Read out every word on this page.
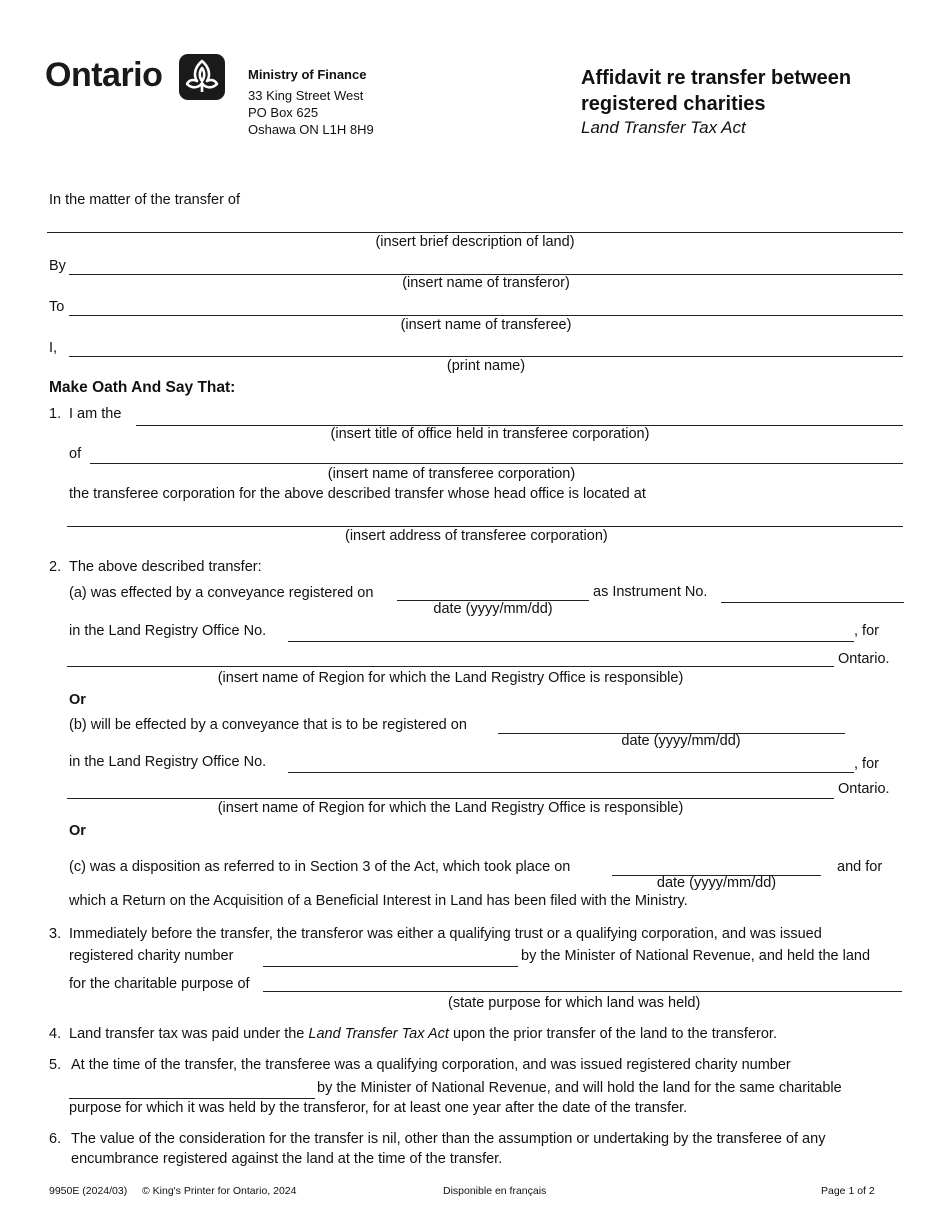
Ontario	Ministry of Finance
33 King Street West
PO Box 625
Oshawa ON L1H 8H9
Affidavit re transfer between
registered charities
Land Transfer Tax Act
In the matter of the transfer of
(insert brief description of land)
By
(insert name of transferor)
To
(insert name of transferee)
I,
(print name)
Make Oath And Say That:
1. I am the
(insert title of office held in transferee corporation)
of
(insert name of transferee corporation)
the transferee corporation for the above described transfer whose head office is located at
(insert address of transferee corporation)
2. The above described transfer:
(a) was effected by a conveyance registered on
date (yyyy/mm/dd)
as Instrument No.
in the Land Registry Office No.	, for
Ontario.
(insert name of Region for which the Land Registry Office is responsible)
Or
(b) will be effected by a conveyance that is to be registered on
date (yyyy/mm/dd)
in the Land Registry Office No.	, for
Ontario.
(insert name of Region for which the Land Registry Office is responsible)
Or
(c) was a disposition as referred to in Section 3 of the Act, which took place on
date (yyyy/mm/dd)
and for
which a Return on the Acquisition of a Beneficial Interest in Land has been filed with the Ministry.
3. Immediately before the transfer, the transferor was either a qualifying trust or a qualifying corporation, and was issued
registered charity number	by the Minister of National Revenue, and held the land
for the charitable purpose of
(state purpose for which land was held)
4. Land transfer tax was paid under the Land Transfer Tax Act upon the prior transfer of the land to the transferor.
5. At the time of the transfer, the transferee was a qualifying corporation, and was issued registered charity number
by the Minister of National Revenue, and will hold the land for the same charitable
purpose for which it was held by the transferor, for at least one year after the date of the transfer.
6. The value of the consideration for the transfer is nil, other than the assumption or undertaking by the transferee of any
encumbrance registered against the land at the time of the transfer.
9950E (2024/03) © King's Printer for Ontario, 2024	Disponible en français	Page 1 of 2
